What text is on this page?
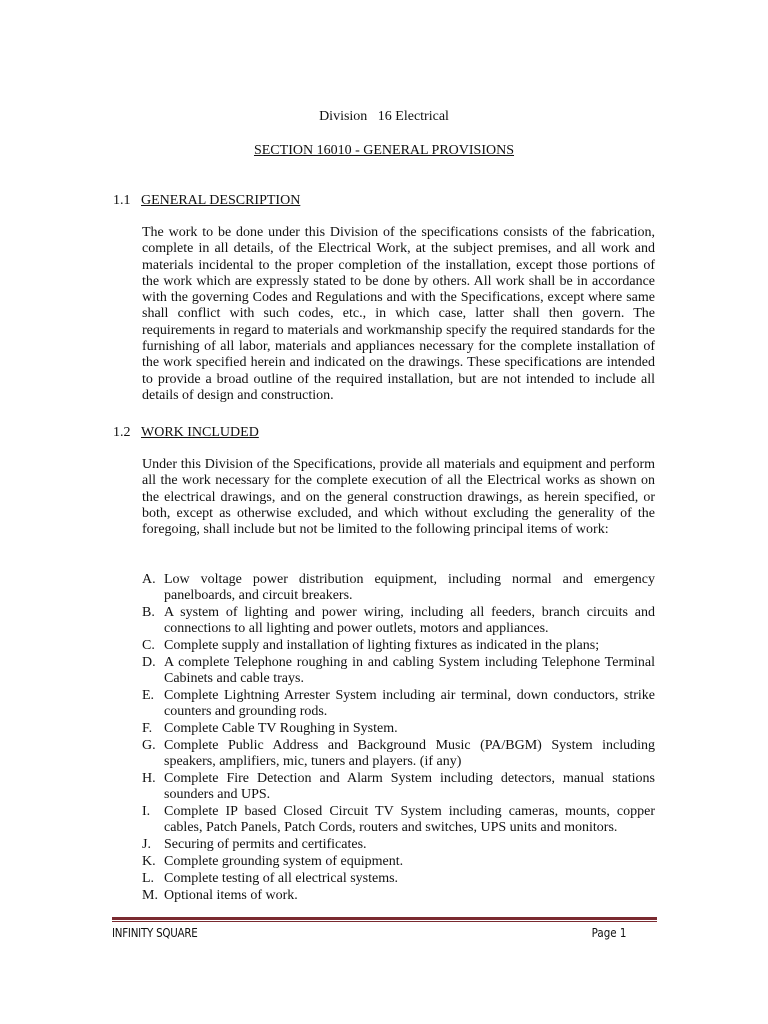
Division   16 Electrical
SECTION 16010 - GENERAL PROVISIONS
1.1 GENERAL DESCRIPTION
The work to be done under this Division of the specifications consists of the fabrication, complete in all details, of the Electrical Work, at the subject premises, and all work and materials incidental to the proper completion of the installation, except those portions of the work which are expressly stated to be done by others. All work shall be in accordance with the governing Codes and Regulations and with the Specifications, except where same shall conflict with such codes, etc., in which case, latter shall then govern. The requirements in regard to materials and workmanship specify the required standards for the furnishing of all labor, materials and appliances necessary for the complete installation of the work specified herein and indicated on the drawings. These specifications are intended to provide a broad outline of the required installation, but are not intended to include all details of design and construction.
1.2 WORK INCLUDED
Under this Division of the Specifications, provide all materials and equipment and perform all the work necessary for the complete execution of all the Electrical works as shown on the electrical drawings, and on the general construction drawings, as herein specified, or both, except as otherwise excluded, and which without excluding the generality of the foregoing, shall include but not be limited to the following principal items of work:
A. Low voltage power distribution equipment, including normal and emergency panelboards, and circuit breakers.
B. A system of lighting and power wiring, including all feeders, branch circuits and connections to all lighting and power outlets, motors and appliances.
C. Complete supply and installation of lighting fixtures as indicated in the plans;
D. A complete Telephone roughing in and cabling System including Telephone Terminal Cabinets and cable trays.
E. Complete Lightning Arrester System including air terminal, down conductors, strike counters and grounding rods.
F. Complete Cable TV Roughing in System.
G. Complete Public Address and Background Music (PA/BGM) System including speakers, amplifiers, mic, tuners and players. (if any)
H. Complete Fire Detection and Alarm System including detectors, manual stations sounders and UPS.
I. Complete IP based Closed Circuit TV System including cameras, mounts, copper cables, Patch Panels, Patch Cords, routers and switches, UPS units and monitors.
J. Securing of permits and certificates.
K. Complete grounding system of equipment.
L. Complete testing of all electrical systems.
M. Optional items of work.
INFINITY SQUARE	Page 1
